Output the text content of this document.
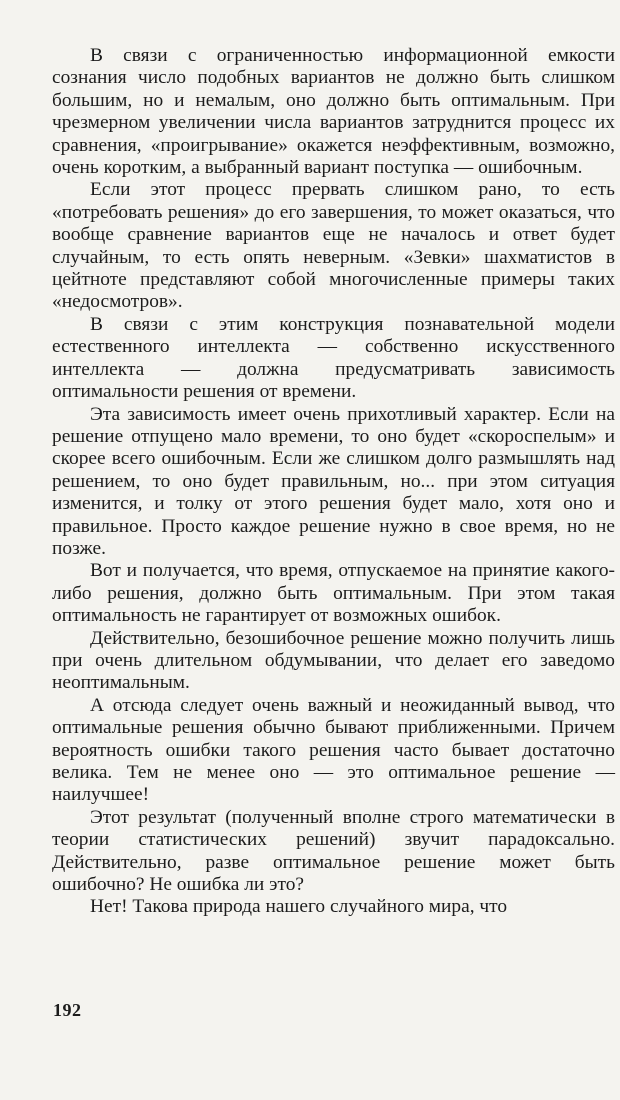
В связи с ограниченностью информационной емкости сознания число подобных вариантов не должно быть слишком большим, но и немалым, оно должно быть оптимальным. При чрезмерном увеличении числа вариантов затруднится процесс их сравнения, «проигрывание» окажется неэффективным, возможно, очень коротким, а выбранный вариант поступка — ошибочным.

Если этот процесс прервать слишком рано, то есть «потребовать решения» до его завершения, то может оказаться, что вообще сравнение вариантов еще не началось и ответ будет случайным, то есть опять неверным. «Зевки» шахматистов в цейтноте представляют собой многочисленные примеры таких «недосмотров».

В связи с этим конструкция познавательной модели естественного интеллекта — собственно искусственного интеллекта — должна предусматривать зависимость оптимальности решения от времени.

Эта зависимость имеет очень прихотливый характер. Если на решение отпущено мало времени, то оно будет «скороспелым» и скорее всего ошибочным. Если же слишком долго размышлять над решением, то оно будет правильным, но... при этом ситуация изменится, и толку от этого решения будет мало, хотя оно и правильное. Просто каждое решение нужно в свое время, но не позже.

Вот и получается, что время, отпускаемое на принятие какого-либо решения, должно быть оптимальным. При этом такая оптимальность не гарантирует от возможных ошибок.

Действительно, безошибочное решение можно получить лишь при очень длительном обдумывании, что делает его заведомо неоптимальным.

А отсюда следует очень важный и неожиданный вывод, что оптимальные решения обычно бывают приближенными. Причем вероятность ошибки такого решения часто бывает достаточно велика. Тем не менее оно — это оптимальное решение — наилучшее!

Этот результат (полученный вполне строго математически в теории статистических решений) звучит парадоксально. Действительно, разве оптимальное решение может быть ошибочно? Не ошибка ли это?

Нет! Такова природа нашего случайного мира, что

192
